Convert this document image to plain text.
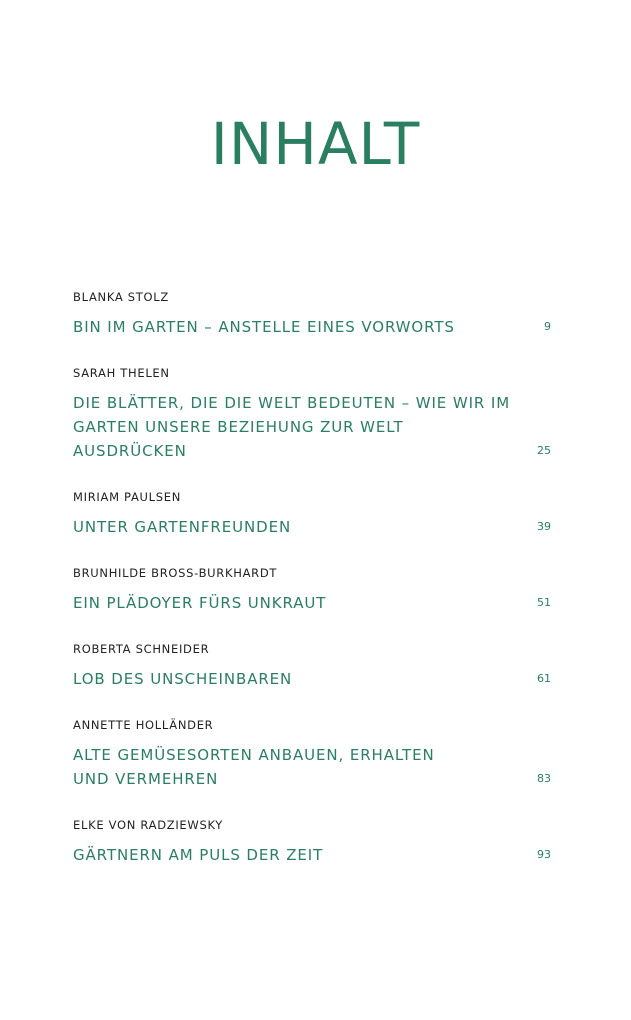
INHALT
BLANKA STOLZ
BIN IM GARTEN – ANSTELLE EINES VORWORTS	9
SARAH THELEN
DIE BLÄTTER, DIE DIE WELT BEDEUTEN – WIE WIR IM
GARTEN UNSERE BEZIEHUNG ZUR WELT AUSDRÜCKEN	25
MIRIAM PAULSEN
UNTER GARTENFREUNDEN	39
BRUNHILDE BROSS-BURKHARDT
EIN PLÄDOYER FÜRS UNKRAUT	51
ROBERTA SCHNEIDER
LOB DES UNSCHEINBAREN	61
ANNETTE HOLLÄNDER
ALTE GEMÜSESORTEN ANBAUEN, ERHALTEN
UND VERMEHREN	83
ELKE VON RADZIEWSKY
GÄRTNERN AM PULS DER ZEIT	93
